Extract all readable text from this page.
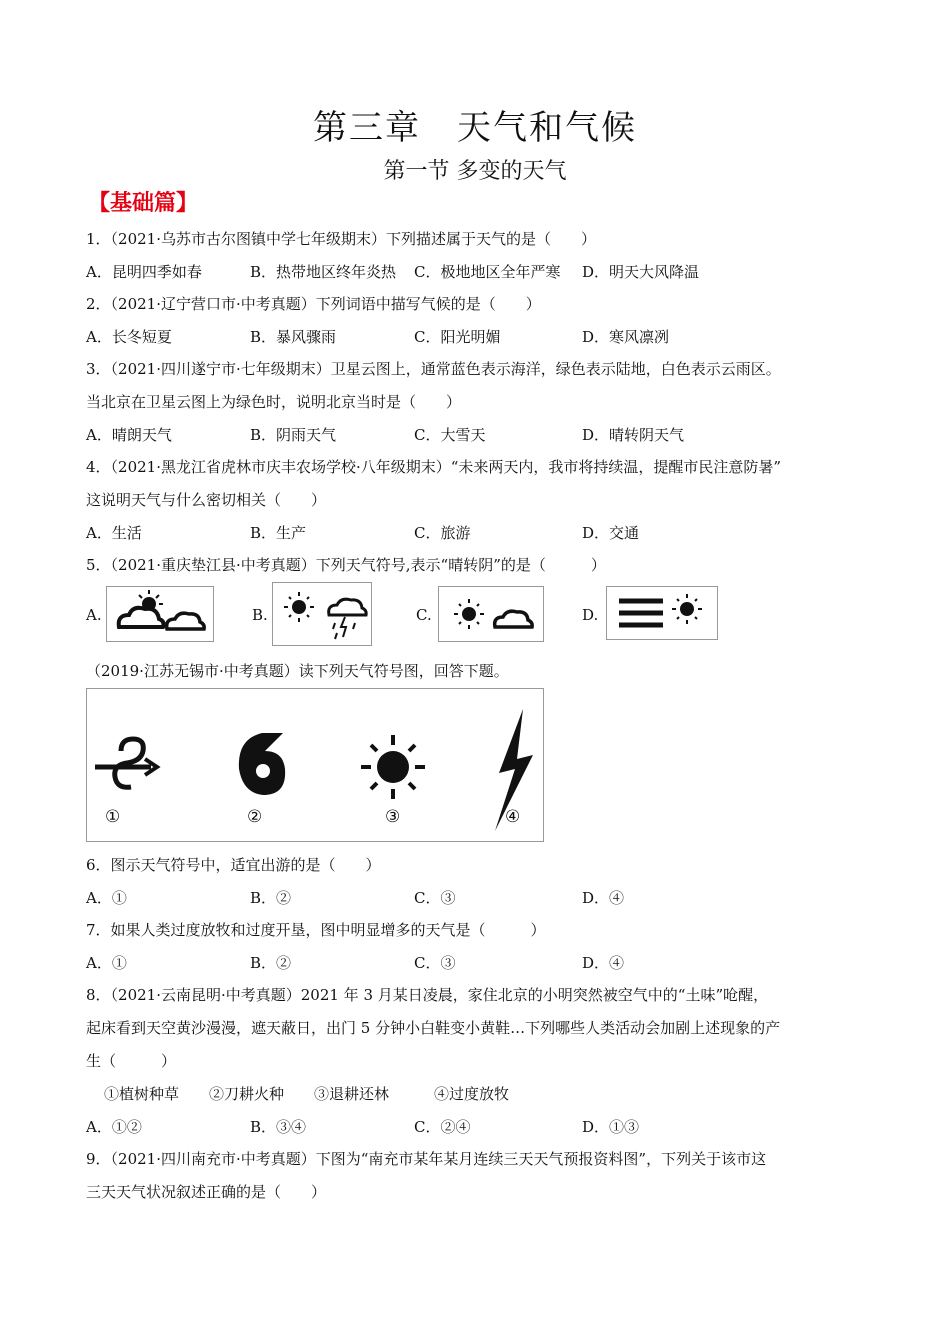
第三章　天气和气候
第一节 多变的天气
【基础篇】
1．（2021·乌苏市古尔图镇中学七年级期末）下列描述属于天气的是（　　）
A．昆明四季如春	B．热带地区终年炎热 C．极地地区全年严寒 D．明天大风降温
2．（2021·辽宁营口市·中考真题）下列词语中描写气候的是（　　）
A．长冬短夏	B．暴风骤雨	C．阳光明媚	D．寒风凛冽
3．（2021·四川遂宁市·七年级期末）卫星云图上，通常蓝色表示海洋，绿色表示陆地，白色表示云雨区。
当北京在卫星云图上为绿色时，说明北京当时是（　　）
A．晴朗天气	B．阴雨天气	C．大雪天	D．晴转阴天气
4．（2021·黑龙江省虎林市庆丰农场学校·八年级期末）“未来两天内，我市将持续温，提醒市民注意防暑”
这说明天气与什么密切相关（　　）
A．生活	B．生产	C．旅游	D．交通
5．（2021·重庆垫江县·中考真题）下列天气符号,表示“晴转阴”的是（　　　）
A.	B.	C.	D.
（2019·江苏无锡市·中考真题）读下列天气符号图，回答下题。
①	②	③	④
6．图示天气符号中，适宜出游的是（　　）
A．①	B．②	C．③	D．④
7．如果人类过度放牧和过度开垦，图中明显增多的天气是（　　　）
A．①	B．②	C．③	D．④
8．（2021·云南昆明·中考真题）2021 年 3 月某日凌晨，家住北京的小明突然被空气中的“土味”呛醒，
起床看到天空黄沙漫漫，遮天蔽日，出门 5 分钟小白鞋变小黄鞋…下列哪些人类活动会加剧上述现象的产
生（　　　）
①植树种草　　②刀耕火种　　③退耕还林　　　④过度放牧
A．①②	B．③④	C．②④	D．①③
9．（2021·四川南充市·中考真题）下图为“南充市某年某月连续三天天气预报资料图”，下列关于该市这
三天天气状况叙述正确的是（　　）
